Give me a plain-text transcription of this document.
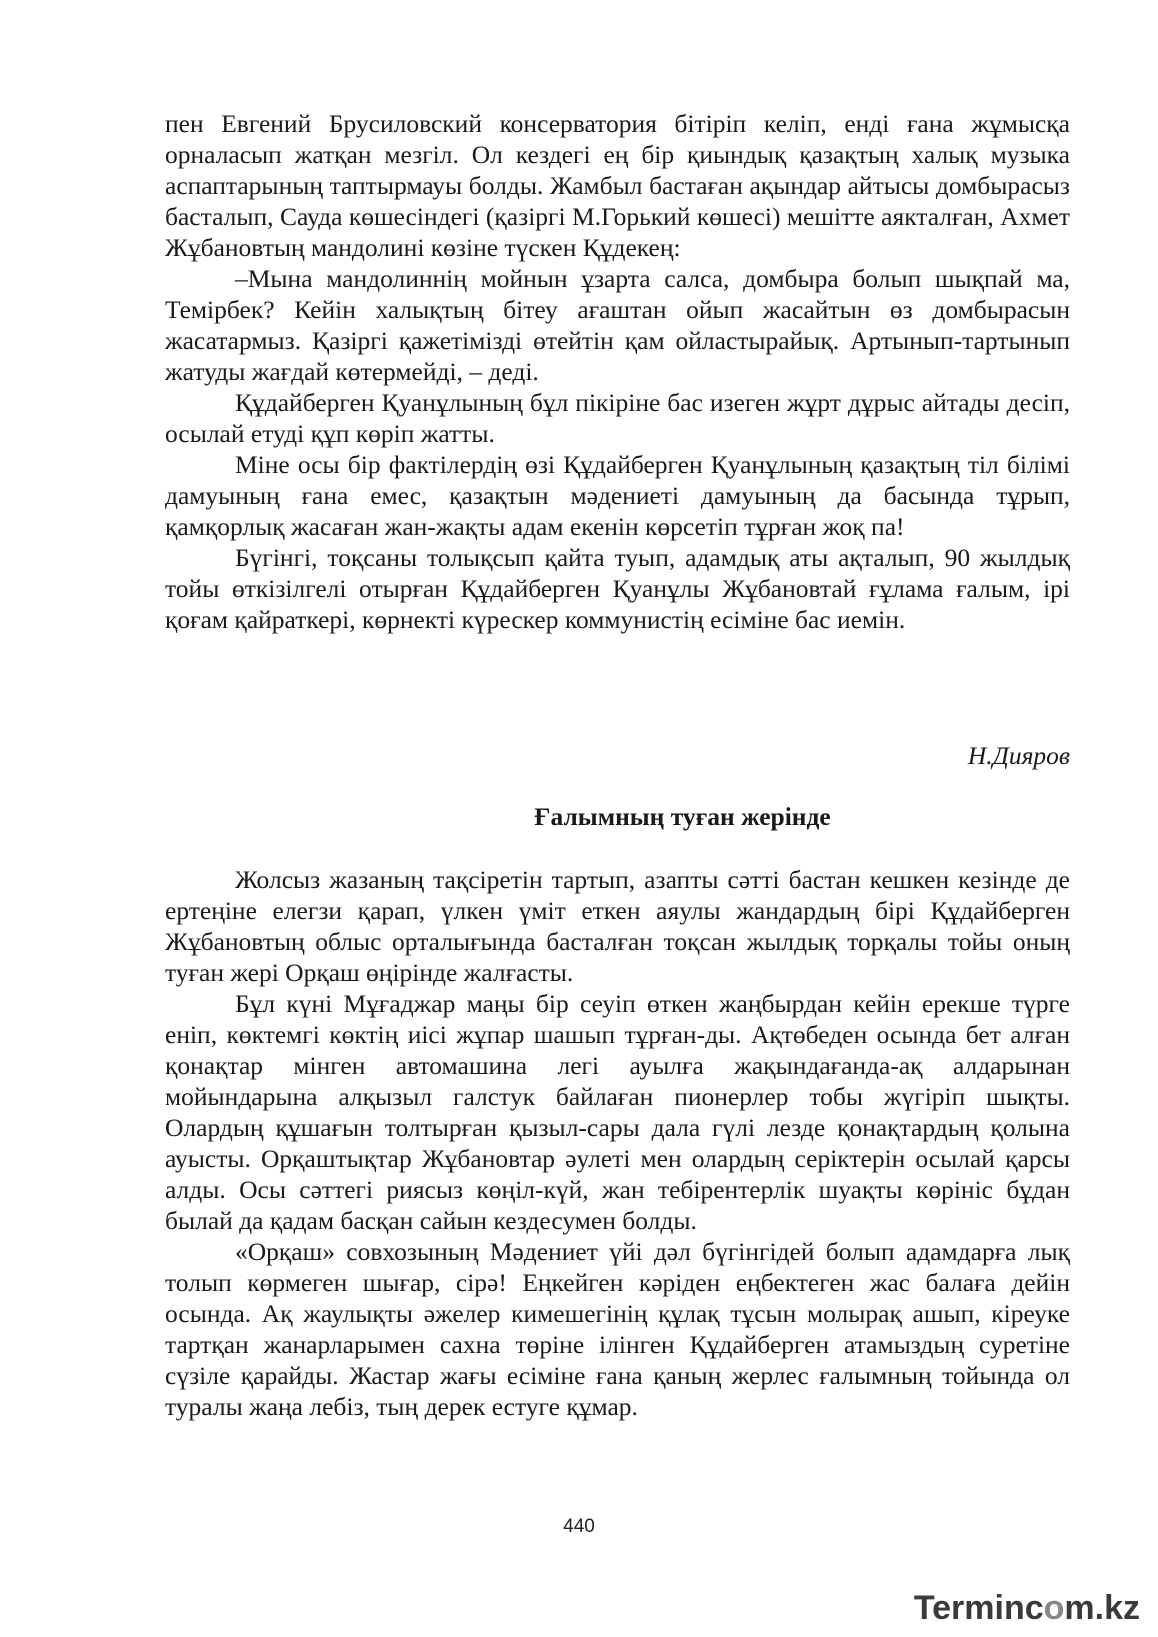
пен Евгений Брусиловский консерватория бітіріп келіп, енді ғана жұмысқа орналасып жатқан мезгіл. Ол кездегі ең бір қиындық қазақтың халық музыка аспаптарының таптырмауы болды. Жамбыл бастаған ақындар айтысы домбырасыз басталып, Сауда көшесіндегі (қазіргі М.Горький көшесі) мешітте аякталған, Ахмет Жұбановтың мандолині көзіне түскен Құдекең:

–Мына мандолиннің мойнын ұзарта салса, домбыра болып шықпай ма, Темірбек? Кейін халықтың бітеу ағаштан ойып жасайтын өз домбырасын жасатармыз. Қазіргі қажетімізді өтейтін қам ойластырайық. Артынып-тартынып жатуды жағдай көтермейді, – деді.

Құдайберген Қуанұлының бұл пікіріне бас изеген жұрт дұрыс айтады десіп, осылай етуді құп көріп жатты.

Міне осы бір фактілердің өзі Құдайберген Қуанұлының қазақтың тіл білімі дамуының ғана емес, қазақтын мәдениеті дамуының да басында тұрып, қамқорлық жасаған жан-жақты адам екенін көрсетіп тұрған жоқ па!

Бүгінгі, тоқсаны толықсып қайта туып, адамдық аты ақталып, 90 жылдық тойы өткізілгелі отырған Құдайберген Қуанұлы Жұбановтай ғұлама ғалым, ірі қоғам қайраткері, көрнекті күрескер коммунистің есіміне бас иемін.

Н.Дияров

Ғалымның туған жерінде

Жолсыз жазаның тақсіретін тартып, азапты сәтті бастан кешкен кезінде де ертеңіне елегзи қарап, үлкен үміт еткен аяулы жандардың бірі Құдайберген Жұбановтың облыс орталығында басталған тоқсан жылдық торқалы тойы оның туған жері Орқаш өңірінде жалғасты.

Бұл күні Мұғаджар маңы бір сеуіп өткен жаңбырдан кейін ерекше түрге еніп, көктемгі көктің иісі жұпар шашып тұрған-ды. Ақтөбеден осында бет алған қонақтар мінген автомашина легі ауылға жақындағанда-ақ алдарынан мойындарына алқызыл галстук байлаған пионерлер тобы жүгіріп шықты. Олардың құшағын толтырған қызыл-сары дала гүлі лезде қонақтардың қолына ауысты. Орқаштықтар Жұбановтар әулеті мен олардың серіктерін осылай қарсы алды. Осы сәттегі риясыз көңіл-күй, жан тебірентерлік шуақты көрініс бұдан былай да қадам басқан сайын кездесумен болды.

«Орқаш» совхозының Мәдениет үйі дәл бүгінгідей болып адамдарға лық толып көрмеген шығар, сірә! Еңкейген кәріден еңбектеген жас балаға дейін осында. Ақ жаулықты әжелер кимешегінің құлақ тұсын молырақ ашып, кіреуке тартқан жанарларымен сахна төріне ілінген Құдайберген атамыздың суретіне сүзіле қарайды. Жастар жағы есіміне ғана қаның жерлес ғалымның тойында ол туралы жаңа лебіз, тың дерек естуге құмар.

440
Termincom.kz
